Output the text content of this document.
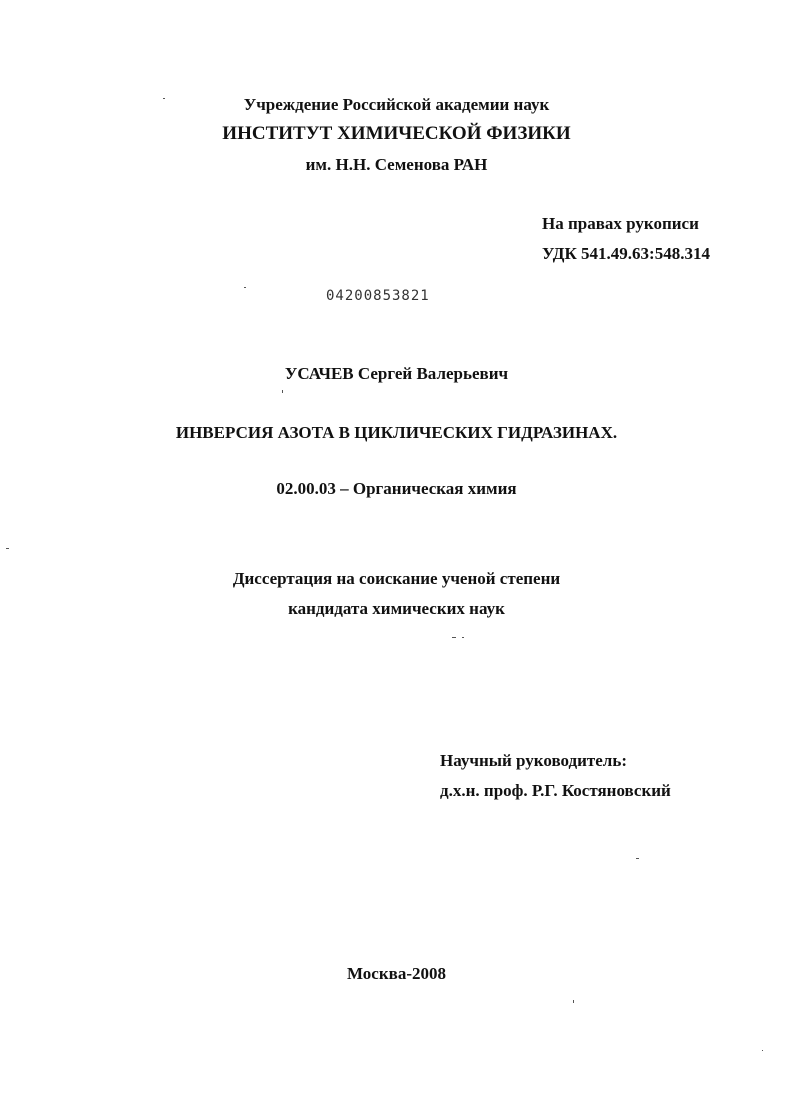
Учреждение Российской академии наук
ИНСТИТУТ ХИМИЧЕСКОЙ ФИЗИКИ
им. Н.Н. Семенова РАН
На правах рукописи
УДК 541.49.63:548.314
04200853821
УСАЧЕВ Сергей Валерьевич
ИНВЕРСИЯ АЗОТА В ЦИКЛИЧЕСКИХ ГИДРАЗИНАХ.
02.00.03 – Органическая химия
Диссертация на соискание ученой степени
кандидата химических наук
Научный руководитель:
д.х.н. проф. Р.Г. Костяновский
Москва-2008
